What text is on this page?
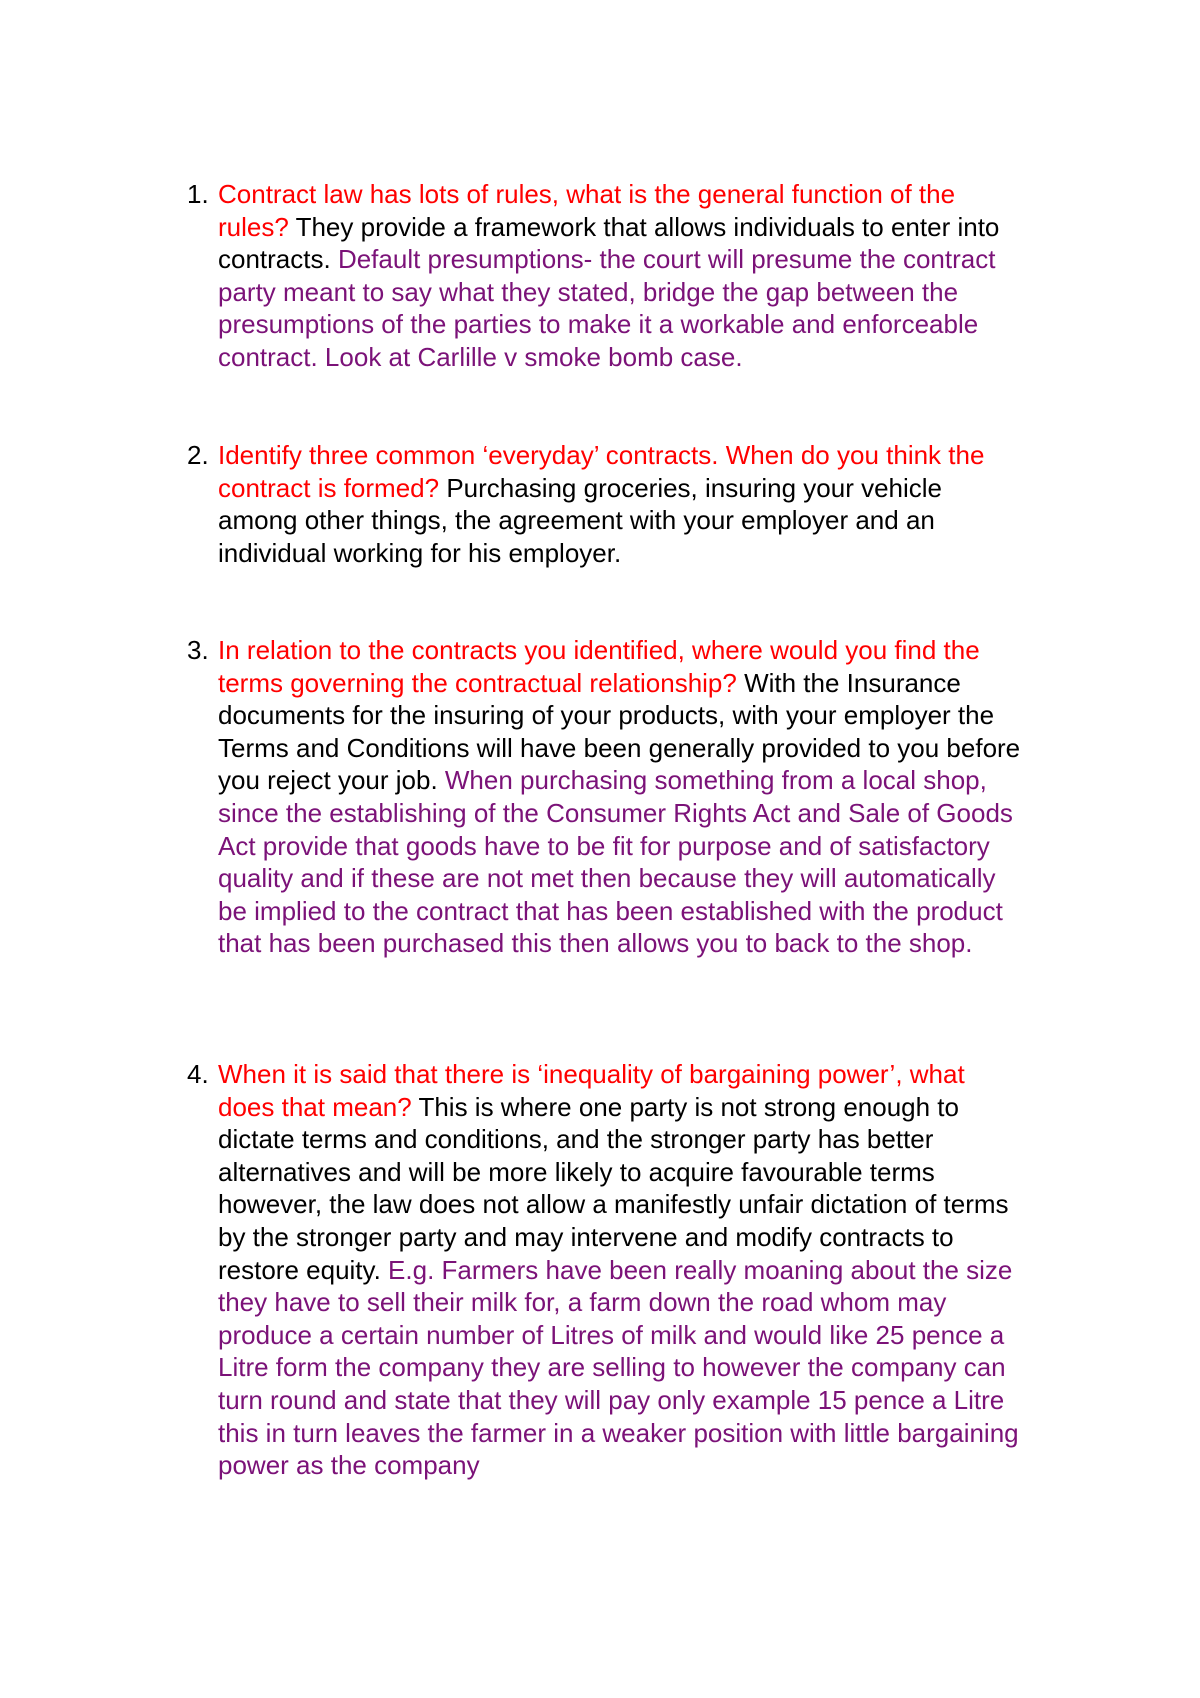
1. Contract law has lots of rules, what is the general function of the rules? They provide a framework that allows individuals to enter into contracts. Default presumptions- the court will presume the contract party meant to say what they stated, bridge the gap between the presumptions of the parties to make it a workable and enforceable contract. Look at Carlille v smoke bomb case.
2. Identify three common ‘everyday’ contracts. When do you think the contract is formed? Purchasing groceries, insuring your vehicle among other things, the agreement with your employer and an individual working for his employer.
3. In relation to the contracts you identified, where would you find the terms governing the contractual relationship? With the Insurance documents for the insuring of your products, with your employer the Terms and Conditions will have been generally provided to you before you reject your job. When purchasing something from a local shop, since the establishing of the Consumer Rights Act and Sale of Goods Act provide that goods have to be fit for purpose and of satisfactory quality and if these are not met then because they will automatically be implied to the contract that has been established with the product that has been purchased this then allows you to back to the shop.
4. When it is said that there is ‘inequality of bargaining power’, what does that mean? This is where one party is not strong enough to dictate terms and conditions, and the stronger party has better alternatives and will be more likely to acquire favourable terms however, the law does not allow a manifestly unfair dictation of terms by the stronger party and may intervene and modify contracts to restore equity. E.g. Farmers have been really moaning about the size they have to sell their milk for, a farm down the road whom may produce a certain number of Litres of milk and would like 25 pence a Litre form the company they are selling to however the company can turn round and state that they will pay only example 15 pence a Litre this in turn leaves the farmer in a weaker position with little bargaining power as the company
